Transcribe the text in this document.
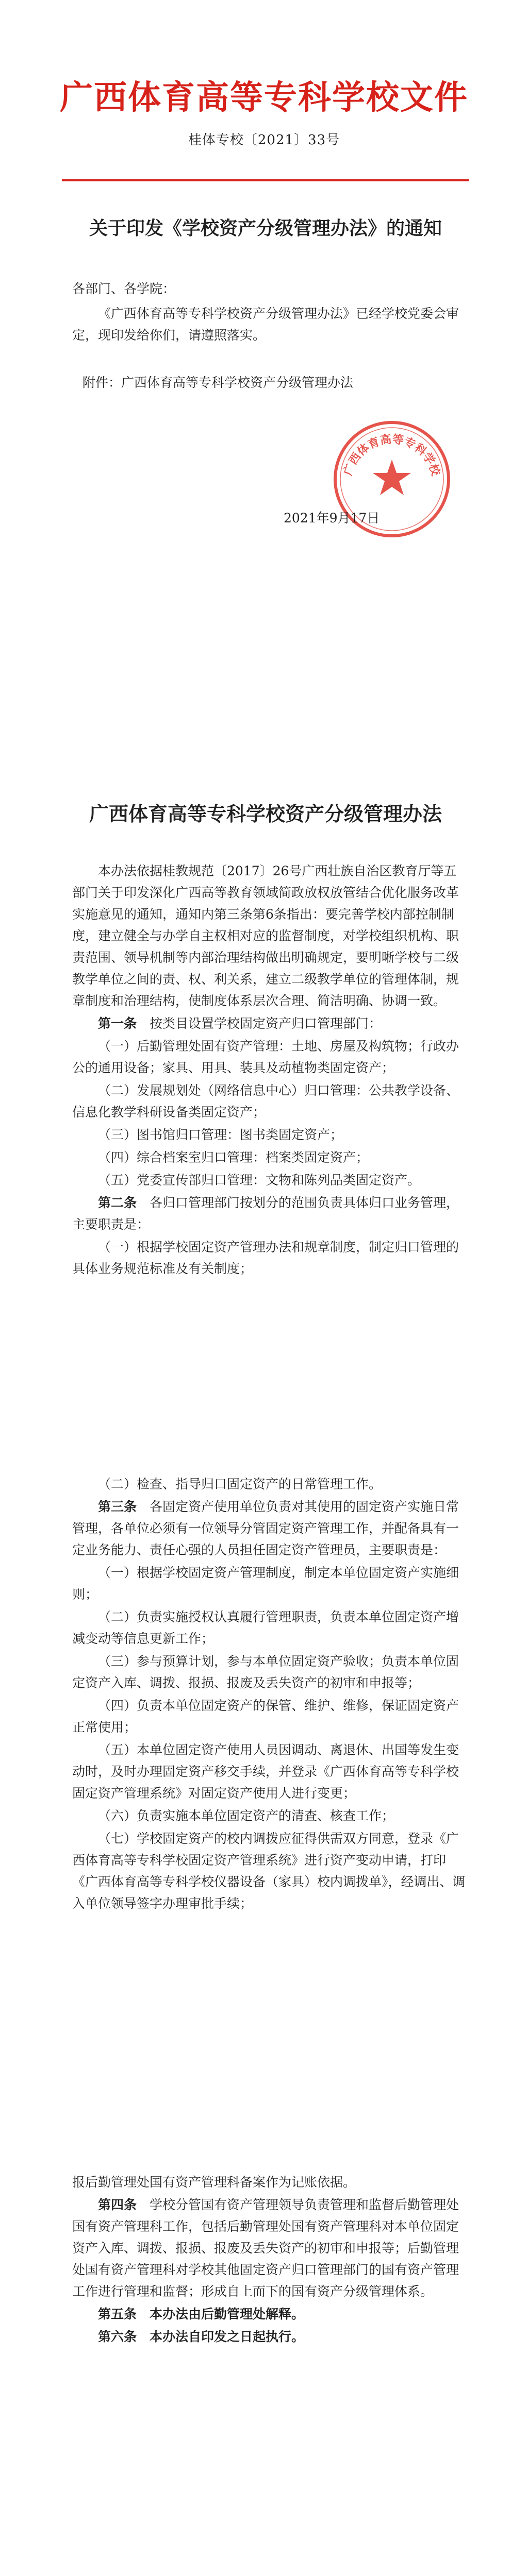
广西体育高等专科学校文件
桂体专校〔2021〕33号
关于印发《学校资产分级管理办法》的通知

各部门、各学院：

《广西体育高等专科学校资产分级管理办法》已经学校党委会审定，现印发给你们，请遵照落实。

附件：广西体育高等专科学校资产分级管理办法

广西体育高等专科学校
2021年9月17日
广西体育高等专科学校资产分级管理办法

本办法依据桂教规范〔2017〕26号广西壮族自治区教育厅等五部门关于印发深化广西高等教育领域简政放权放管结合优化服务改革实施意见的通知，通知内第三条第6条指出：要完善学校内部控制制度，建立健全与办学自主权相对应的监督制度，对学校组织机构、职责范围、领导机制等内部治理结构做出明确规定，要明晰学校与二级教学单位之间的责、权、利关系，建立二级教学单位的管理体制，规章制度和治理结构，使制度体系层次合理、简洁明确、协调一致。

第一条　 按类目设置学校固定资产归口管理部门：

（一）后勤管理处固有资产管理：土地、房屋及构筑物；行政办公的通用设备；家具、用具、装具及动植物类固定资产；

（二）发展规划处（网络信息中心）归口管理：公共教学设备、信息化教学科研设备类固定资产；

（三）图书馆归口管理：图书类固定资产；

（四）综合档案室归口管理：档案类固定资产；

（五）党委宣传部归口管理：文物和陈列品类固定资产。

第二条　 各归口管理部门按划分的范围负责具体归口业务管理，主要职责是：

（一）根据学校固定资产管理办法和规章制度，制定归口管理的具体业务规范标准及有关制度；

（二）检查、指导归口固定资产的日常管理工作。

第三条　 各固定资产使用单位负责对其使用的固定资产实施日常管理，各单位必须有一位领导分管固定资产管理工作，并配备具有一定业务能力、责任心强的人员担任固定资产管理员，主要职责是：

（一）根据学校固定资产管理制度，制定本单位固定资产实施细则；

（二）负责实施授权认真履行管理职责，负责本单位固定资产增减变动等信息更新工作；

（三）参与预算计划，参与本单位固定资产验收；负责本单位固定资产入库、调拨、报损、报废及丢失资产的初审和申报等；

（四）负责本单位固定资产的保管、维护、维修，保证固定资产正常使用；

（五）本单位固定资产使用人员因调动、离退休、出国等发生变动时，及时办理固定资产移交手续，并登录《广西体育高等专科学校固定资产管理系统》对固定资产使用人进行变更；

（六）负责实施本单位固定资产的清查、核查工作；

（七）学校固定资产的校内调拨应征得供需双方同意，登录《广西体育高等专科学校固定资产管理系统》进行资产变动申请，打印《广西体育高等专科学校仪器设备（家具）校内调拨单》，经调出、调入单位领导签字办理审批手续；

报后勤管理处国有资产管理科备案作为记账依据。

第四条　 学校分管国有资产管理领导负责管理和监督后勤管理处国有资产管理科工作，包括后勤管理处国有资产管理科对本单位固定资产入库、调拨、报损、报废及丢失资产的初审和申报等；后勤管理处国有资产管理科对学校其他固定资产归口管理部门的国有资产管理工作进行管理和监督；形成自上而下的国有资产分级管理体系。

第五条　 本办法由后勤管理处解释。

第六条　 本办法自印发之日起执行。
